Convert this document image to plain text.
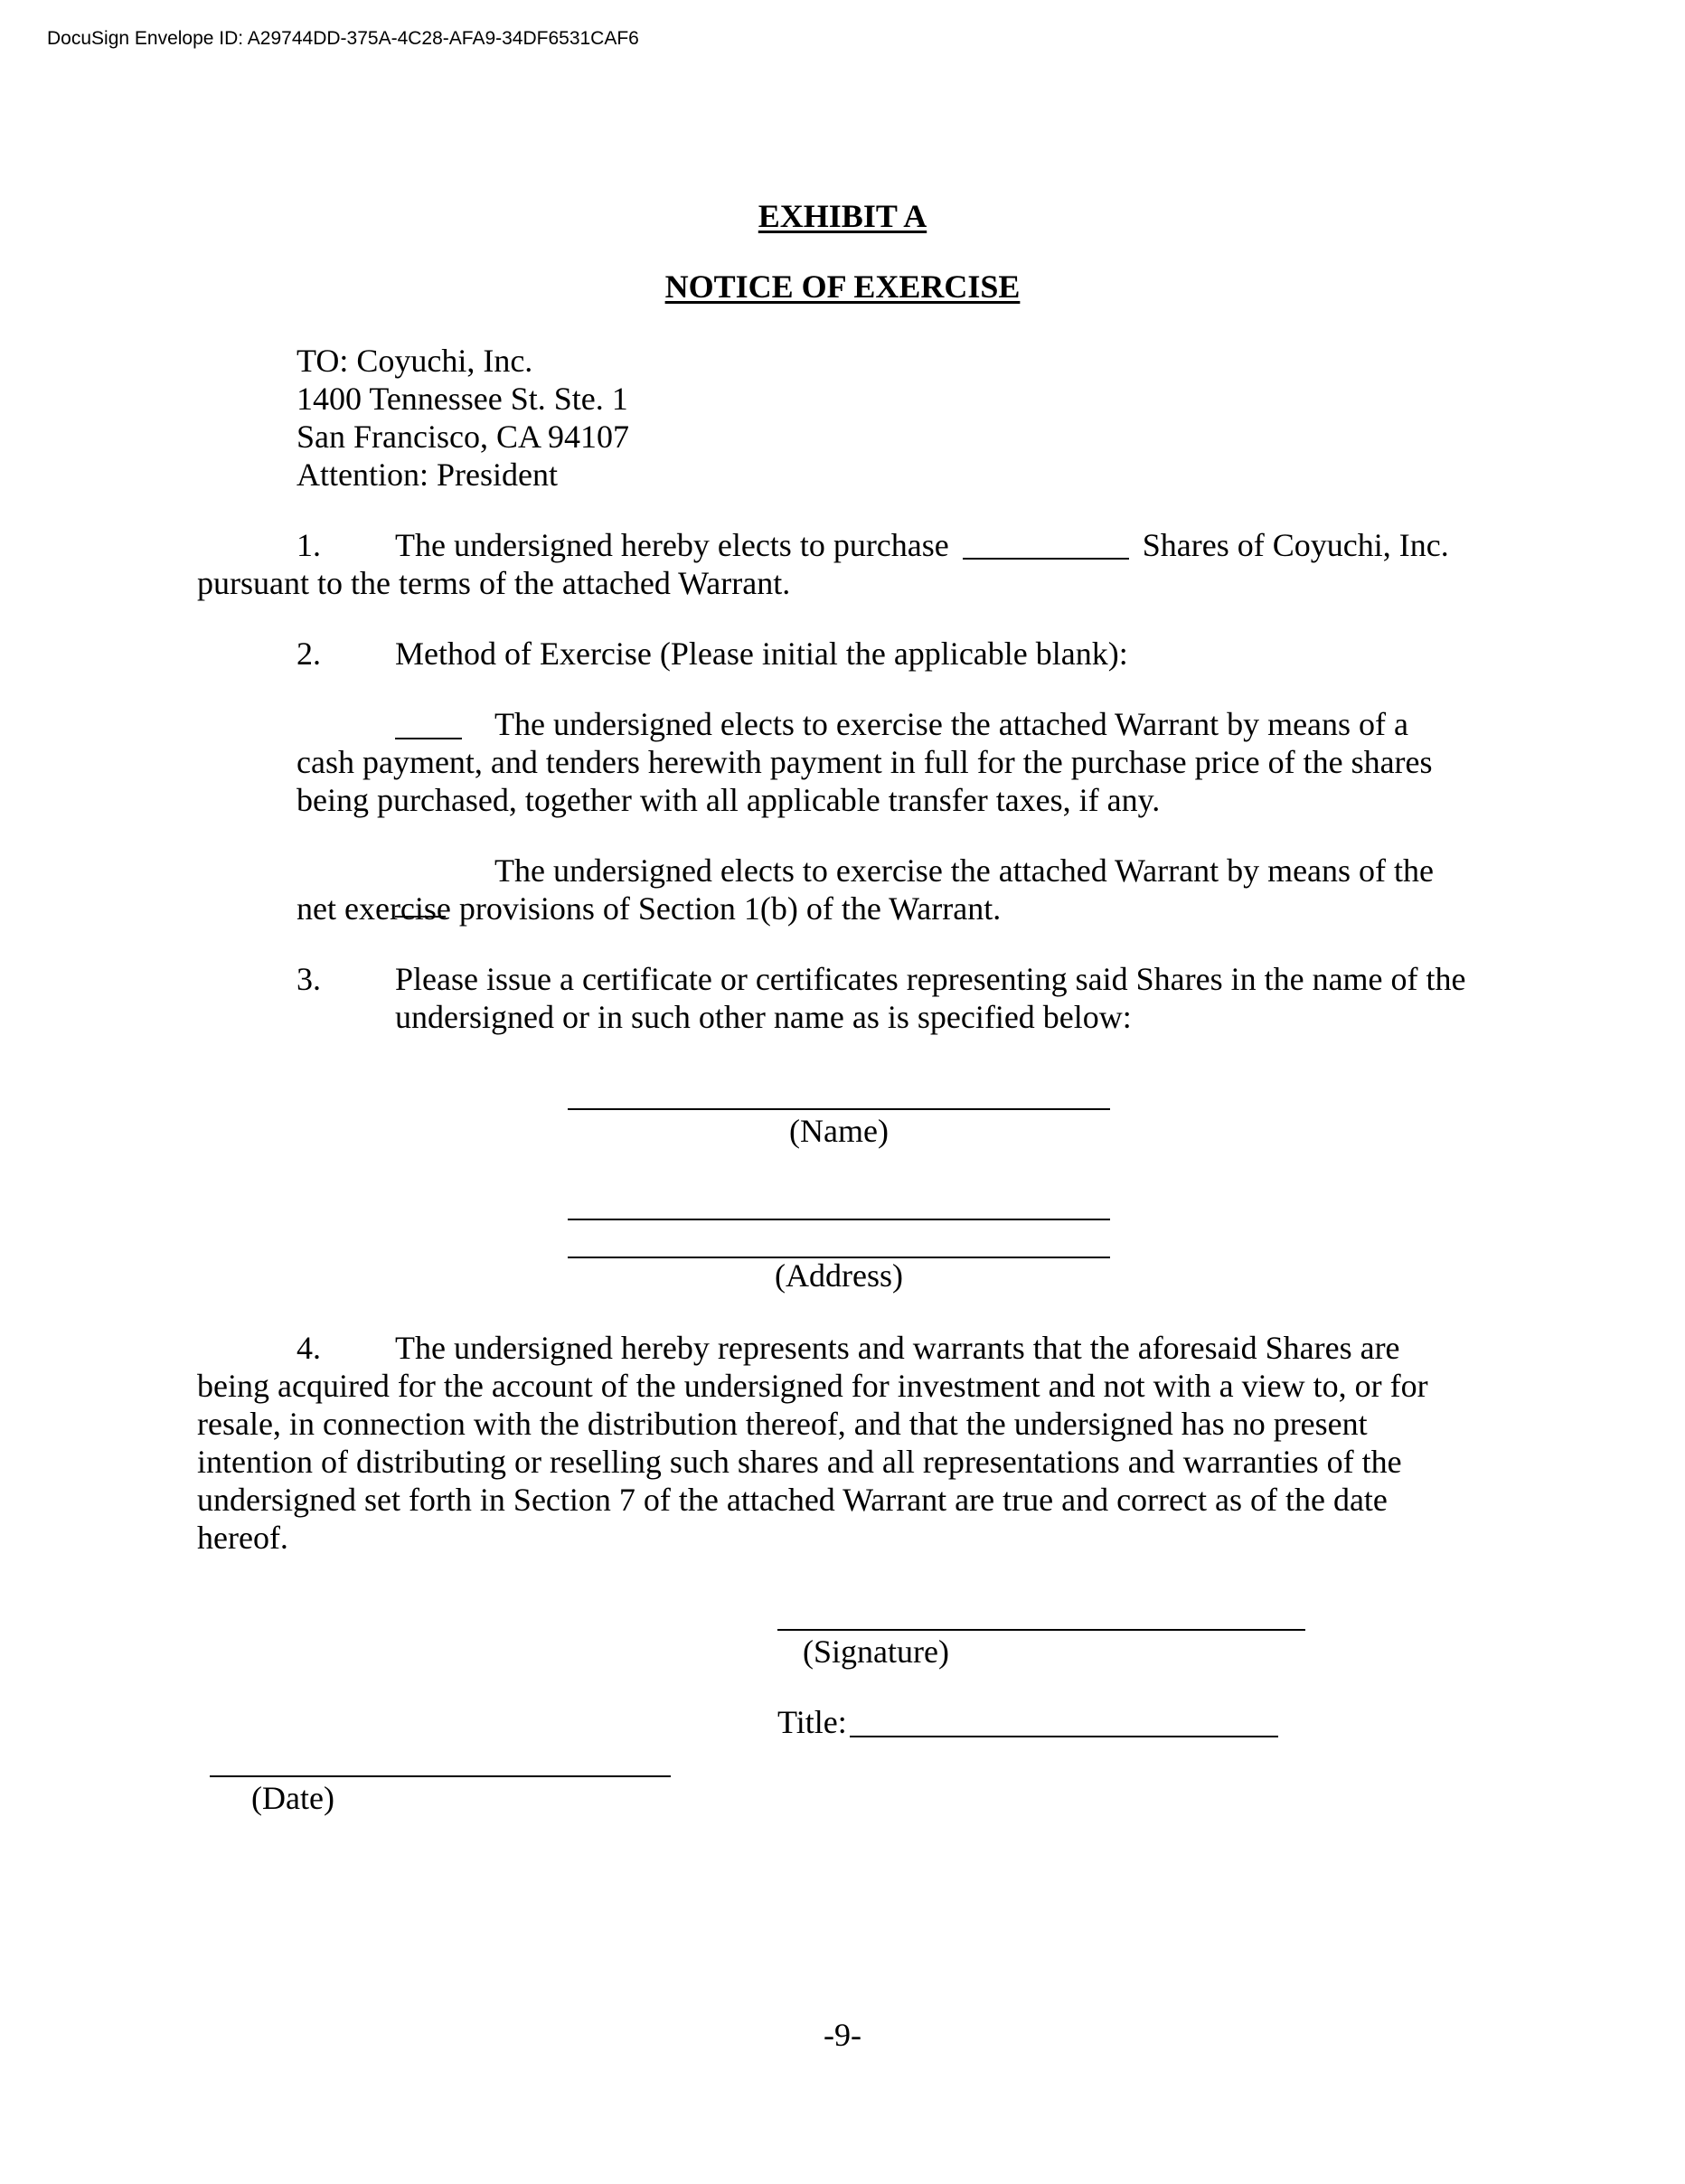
DocuSign Envelope ID: A29744DD-375A-4C28-AFA9-34DF6531CAF6
EXHIBIT A
NOTICE OF EXERCISE
TO: Coyuchi, Inc.
1400 Tennessee St. Ste. 1
San Francisco, CA 94107
Attention: President
1. The undersigned hereby elects to purchase	Shares of Coyuchi, Inc.
pursuant to the terms of the attached Warrant.
2. Method of Exercise (Please initial the applicable blank):
The undersigned elects to exercise the attached Warrant by means of a
cash payment, and tenders herewith payment in full for the purchase price of the shares
being purchased, together with all applicable transfer taxes, if any.
The undersigned elects to exercise the attached Warrant by means of the
net exercise provisions of Section 1(b) of the Warrant.
3. Please issue a certificate or certificates representing said Shares in the name of the
undersigned or in such other name as is specified below:
(Name)
(Address)
4. The undersigned hereby represents and warrants that the aforesaid Shares are
being acquired for the account of the undersigned for investment and not with a view to, or for
resale, in connection with the distribution thereof, and that the undersigned has no present
intention of distributing or reselling such shares and all representations and warranties of the
undersigned set forth in Section 7 of the attached Warrant are true and correct as of the date
hereof.
(Signature)
Title:
(Date)
-9-
